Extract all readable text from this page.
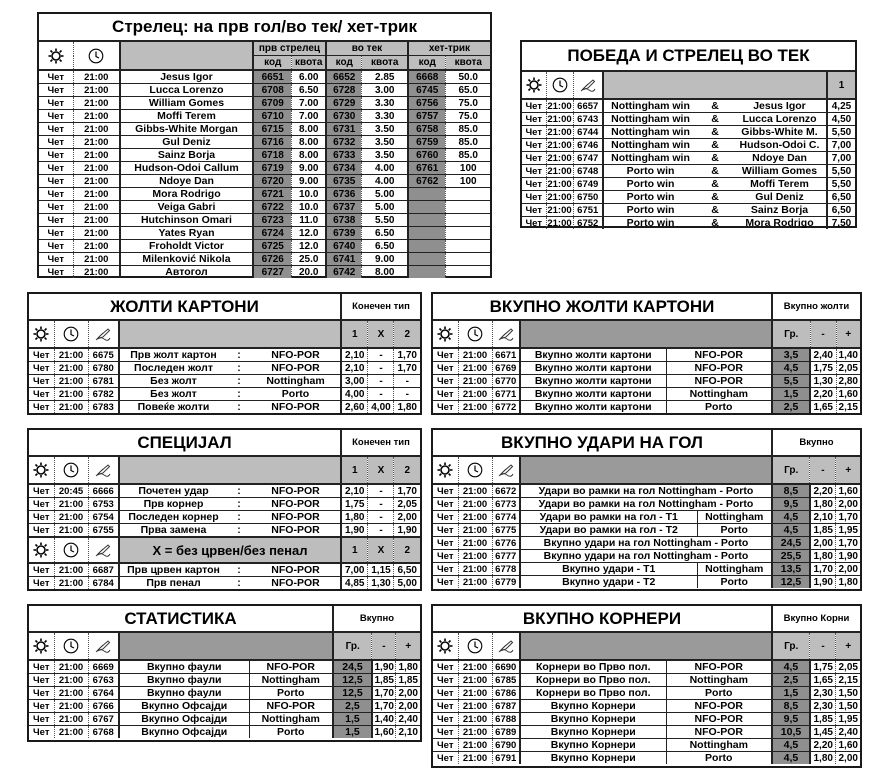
Стрелец: на прв гол/во тек/ хет-трик								

		прв стрелец		во тек		хет-трик	
			код	квота	код	квота	код	квота
Чет	21:00	Jesus Igor	6651	6.00	6652	2.85	6668	50.0
Чет	21:00	Lucca Lorenzo	6708	6.50	6728	3.00	6745	65.0
Чет	21:00	William Gomes	6709	7.00	6729	3.30	6756	75.0
Чет	21:00	Moffi Terem	6710	7.00	6730	3.30	6757	75.0
Чет	21:00	Gibbs-White Morgan	6715	8.00	6731	3.50	6758	85.0
Чет	21:00	Gul Deniz	6716	8.00	6732	3.50	6759	85.0
Чет	21:00	Sainz Borja	6718	8.00	6733	3.50	6760	85.0
Чет	21:00	Hudson-Odoi Callum	6719	9.00	6734	4.00	6761	100
Чет	21:00	Ndoye Dan	6720	9.00	6735	4.00	6762	100
Чет	21:00	Mora Rodrigo	6721	10.0	6736	5.00		
Чет	21:00	Veiga Gabri	6722	10.0	6737	5.00		
Чет	21:00	Hutchinson Omari	6723	11.0	6738	5.50		
Чет	21:00	Yates Ryan	6724	12.0	6739	6.50		
Чет	21:00	Froholdt Victor	6725	12.0	6740	6.50		
Чет	21:00	Milenković Nikola	6726	25.0	6741	9.00		
Чет	21:00	Автогол	6727	20.0	6742	8.00		
ПОБЕДА И СТРЕЛЕЦ ВО ТЕК						

		1
Чет	21:00	6657	Nottingham win	&	Jesus Igor	4,25
Чет	21:00	6743	Nottingham win	&	Lucca Lorenzo	4,50
Чет	21:00	6744	Nottingham win	&	Gibbs-White M.	5,50
Чет	21:00	6746	Nottingham win	&	Hudson-Odoi C.	7,00
Чет	21:00	6747	Nottingham win	&	Ndoye Dan	7,00
Чет	21:00	6748	Porto win	&	William Gomes	5,50
Чет	21:00	6749	Porto win	&	Moffi Terem	5,50
Чет	21:00	6750	Porto win	&	Gul Deniz	6,50
Чет	21:00	6751	Porto win	&	Sainz Borja	6,50
Чет	21:00	6752	Porto win	&	Mora Rodrigo	7,50
ЖОЛТИ КАРТОНИ						Конечен тип		

		1	X	2
Чет	21:00	6675	Прв жолт картон	:	NFO-POR	2,10	-	1,70
Чет	21:00	6780	Последен жолт	:	NFO-POR	2,10	-	1,70
Чет	21:00	6781	Без жолт	:	Nottingham	3,00	-	-
Чет	21:00	6782	Без жолт	:	Porto	4,00	-	-
Чет	21:00	6783	Повеќе жолти	:	NFO-POR	2,60	4,00	1,80
СПЕЦИЈАЛ						Конечен тип		

		1	X	2
Чет	20:45	6666	Почетен удар	:	NFO-POR	2,10	-	1,70
Чет	21:00	6753	Прв корнер	:	NFO-POR	1,75	-	2,05
Чет	21:00	6754	Последен корнер	:	NFO-POR	1,80	-	2,00
Чет	21:00	6755	Прва замена	:	NFO-POR	1,90	-	1,90

	X = без црвен/без пенал			1	X	2
Чет	21:00	6687	Прв црвен картон	:	NFO-POR	7,00	1,15	6,50
Чет	21:00	6784	Прв пенал	:	NFO-POR	4,85	1,30	5,00
СТАТИСТИКА					Вкупно		

		Гр.	-	+
Чет	21:00	6669	Вкупно фаули	NFO-POR	24,5	1,90	1,80
Чет	21:00	6763	Вкупно фаули	Nottingham	12,5	1,85	1,85
Чет	21:00	6764	Вкупно фаули	Porto	12,5	1,70	2,00
Чет	21:00	6766	Вкупно Офсајди	NFO-POR	2,5	1,70	2,00
Чет	21:00	6767	Вкупно Офсајди	Nottingham	1,5	1,40	2,40
Чет	21:00	6768	Вкупно Офсајди	Porto	1,5	1,60	2,10
ВКУПНО ЖОЛТИ КАРТОНИ					Вкупно жолти		

		Гр.	-	+
Чет	21:00	6671	Вкупно жолти картони	NFO-POR	3,5	2,40	1,40
Чет	21:00	6769	Вкупно жолти картони	NFO-POR	4,5	1,75	2,05
Чет	21:00	6770	Вкупно жолти картони	NFO-POR	5,5	1,30	2,80
Чет	21:00	6771	Вкупно жолти картони	Nottingham	1,5	2,20	1,60
Чет	21:00	6772	Вкупно жолти картони	Porto	2,5	1,65	2,15
ВКУПНО УДАРИ НА ГОЛ					Вкупно		

		Гр.	-	+
Чет	21:00	6672	Удари во рамки на гол Nottingham - Porto		8,5	2,20	1,60
Чет	21:00	6773	Удари во рамки на гол Nottingham - Porto		9,5	1,80	2,00
Чет	21:00	6774	Удари во рамки на гол - Т1	Nottingham	4,5	2,10	1,70
Чет	21:00	6775	Удари во рамки на гол - Т2	Porto	4,5	1,85	1,95
Чет	21:00	6776	Вкупно удари на гол Nottingham - Porto		24,5	2,00	1,70
Чет	21:00	6777	Вкупно удари на гол Nottingham - Porto		25,5	1,80	1,90
Чет	21:00	6778	Вкупно удари - Т1	Nottingham	13,5	1,70	2,00
Чет	21:00	6779	Вкупно удари - Т2	Porto	12,5	1,90	1,80
ВКУПНО КОРНЕРИ					Вкупно Корни		

		Гр.	-	+
Чет	21:00	6690	Корнери во Прво пол.	NFO-POR	4,5	1,75	2,05
Чет	21:00	6785	Корнери во Прво пол.	Nottingham	2,5	1,65	2,15
Чет	21:00	6786	Корнери во Прво пол.	Porto	1,5	2,30	1,50
Чет	21:00	6787	Вкупно Корнери	NFO-POR	8,5	2,30	1,50
Чет	21:00	6788	Вкупно Корнери	NFO-POR	9,5	1,85	1,95
Чет	21:00	6789	Вкупно Корнери	NFO-POR	10,5	1,45	2,40
Чет	21:00	6790	Вкупно Корнери	Nottingham	4,5	2,20	1,60
Чет	21:00	6791	Вкупно Корнери	Porto	4,5	1,80	2,00
